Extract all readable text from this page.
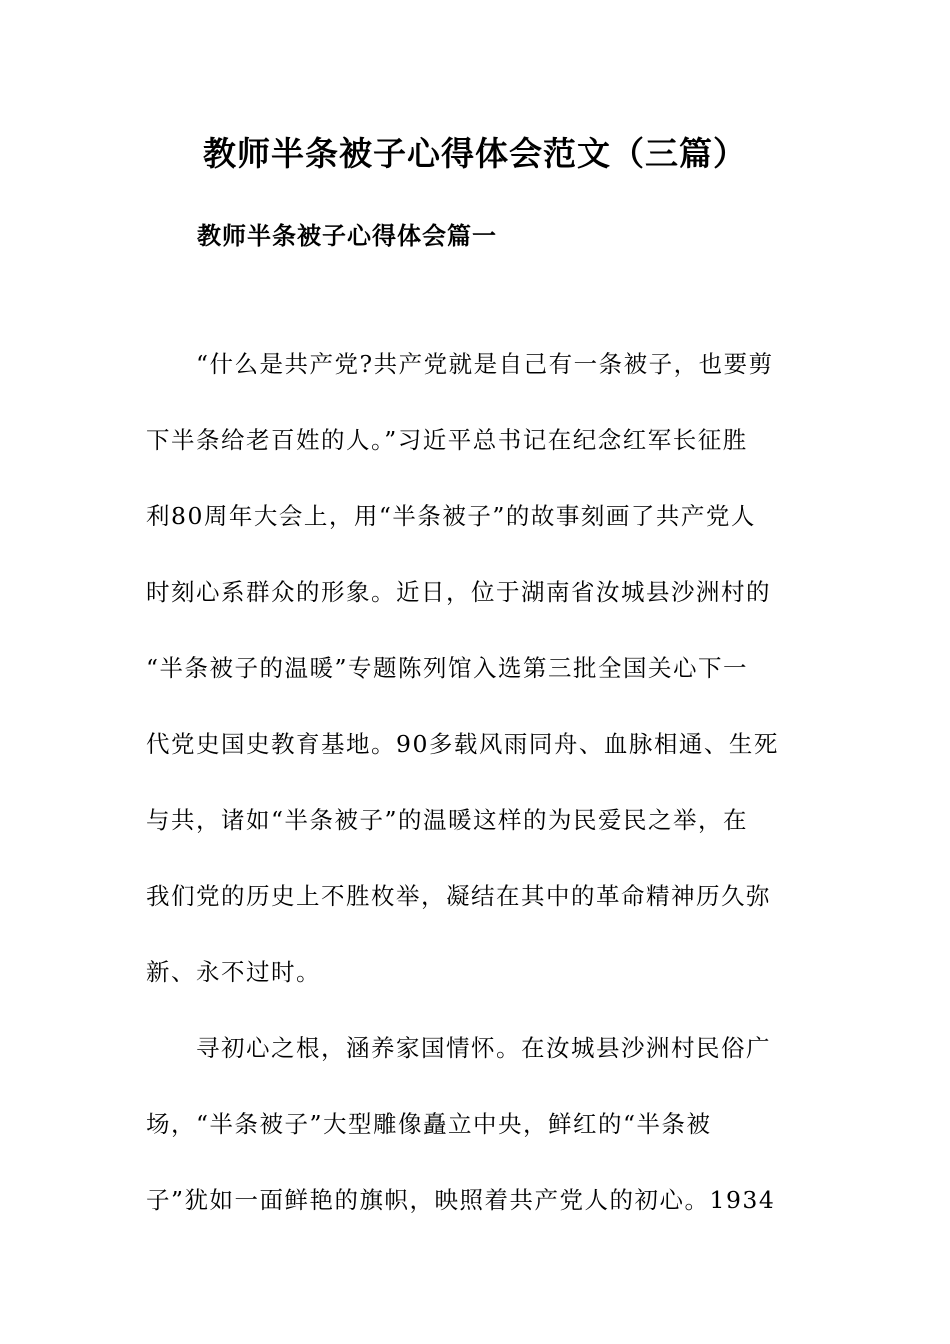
教师半条被子心得体会范文（三篇）
教师半条被子心得体会篇一
“什么是共产党?共产党就是自己有一条被子，也要剪
下半条给老百姓的人。”习近平总书记在纪念红军长征胜
利80周年大会上，用“半条被子”的故事刻画了共产党人
时刻心系群众的形象。近日，位于湖南省汝城县沙洲村的
“半条被子的温暖”专题陈列馆入选第三批全国关心下一
代党史国史教育基地。90多载风雨同舟、血脉相通、生死
与共，诸如“半条被子”的温暖这样的为民爱民之举，在
我们党的历史上不胜枚举，凝结在其中的革命精神历久弥
新、永不过时。
寻初心之根，涵养家国情怀。在汝城县沙洲村民俗广
场，“半条被子”大型雕像矗立中央，鲜红的“半条被
子”犹如一面鲜艳的旗帜，映照着共产党人的初心。1934
